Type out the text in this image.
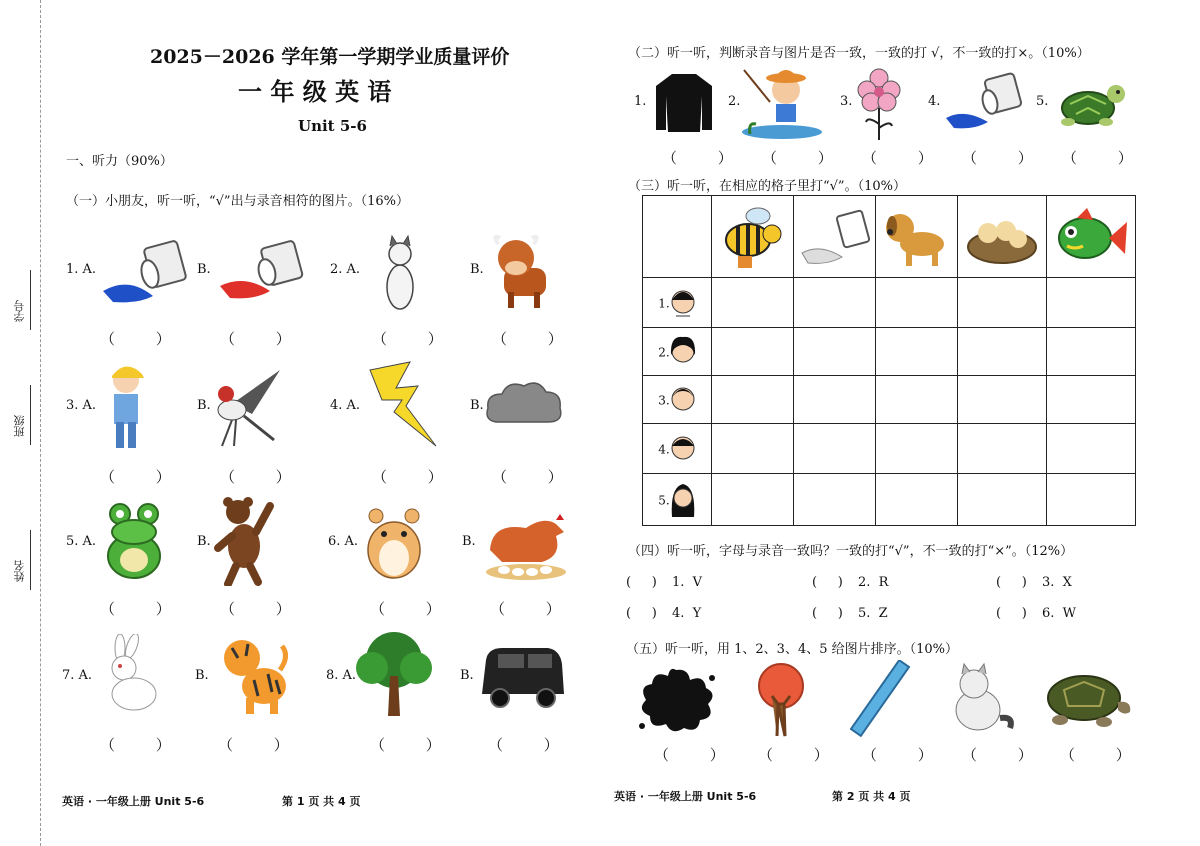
学号
班级
姓名
2025－2026 学年第一学期学业质量评价
一 年 级 英 语
Unit 5-6
一、听力（90%）
（一）小朋友，听一听，“√”出与录音相符的图片。（16%）
1. A.	B.	2. A.	B.
（ ） （ ）	（ ） （ ）
3. A.	B.	4. A.	B.
（ ） （ ）	（ ） （ ）
5. A.	B.	6. A.	B.
（ ） （ ）	（ ） （ ）
7. A.	B.	8. A.	B.
（ ） （ ）	（ ） （ ）
英语 · 一年级上册 Unit 5-6	第 1 页 共 4 页
（二）听一听，判断录音与图片是否一致，一致的打 √，不一致的打×。（10%）
1.	2.	3.	4.	5.
（ ） （ ） （ ） （ ） （ ）
（三）听一听，在相应的格子里打“√”。（10%）

1.					
2.					
3.					
4.					
5.					
（四）听一听，字母与录音一致吗？一致的打“√”，不一致的打“×”。（12%）
(     ) 1. V	(     ) 2. R	(     ) 3. X
(     ) 4. Y	(     ) 5. Z	(     ) 6. W
（五）听一听，用 1、2、3、4、5 给图片排序。（10%）
（ ） （ ） （ ） （ ） （ ）
英语 · 一年级上册 Unit 5-6	第 2 页 共 4 页
